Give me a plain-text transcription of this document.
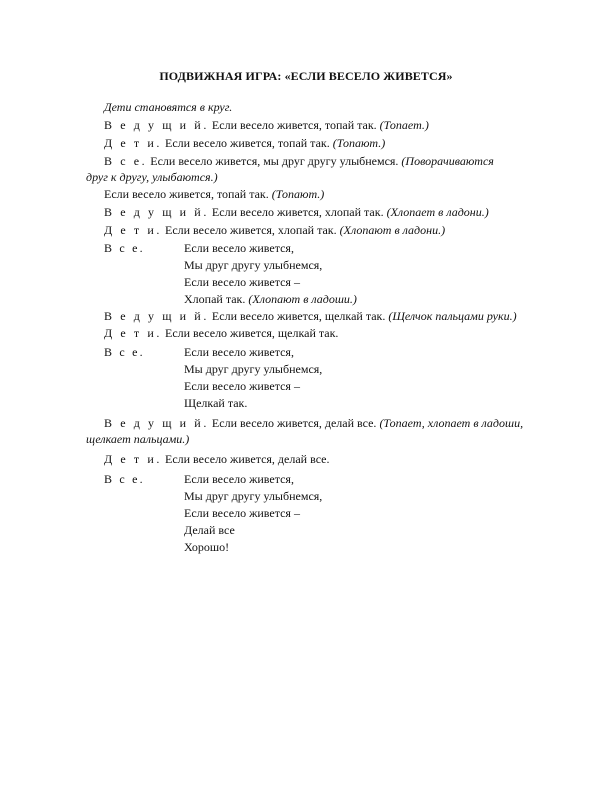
ПОДВИЖНАЯ ИГРА: «ЕСЛИ ВЕСЕЛО ЖИВЕТСЯ»
Дети становятся в круг.
В е д у щ и й. Если весело живется, топай так. (Топает.)
Д е т и. Если весело живется, топай так. (Топают.)
В с е. Если весело живется, мы друг другу улыбнемся. (Поворачиваются
друг к другу, улыбаются.)
Если весело живется, топай так. (Топают.)
В е д у щ и й. Если весело живется, хлопай так. (Хлопает в ладони.)
Д е т и. Если весело живется, хлопай так. (Хлопают в ладони.)
В с е.	Если весело живется,
Мы друг другу улыбнемся,
Если весело живется –
Хлопай так. (Хлопают в ладоши.)
В е д у щ и й. Если весело живется, щелкай так. (Щелчок пальцами руки.)
Д е т и. Если весело живется, щелкай так.
В с е.	Если весело живется,
Мы друг другу улыбнемся,
Если весело живется –
Щелкай так.
В е д у щ и й. Если весело живется, делай все. (Топает, хлопает в ладоши,
щелкает пальцами.)
Д е т и. Если весело живется, делай все.
В с е.	Если весело живется,
Мы друг другу улыбнемся,
Если весело живется –
Делай все
Хорошо!
